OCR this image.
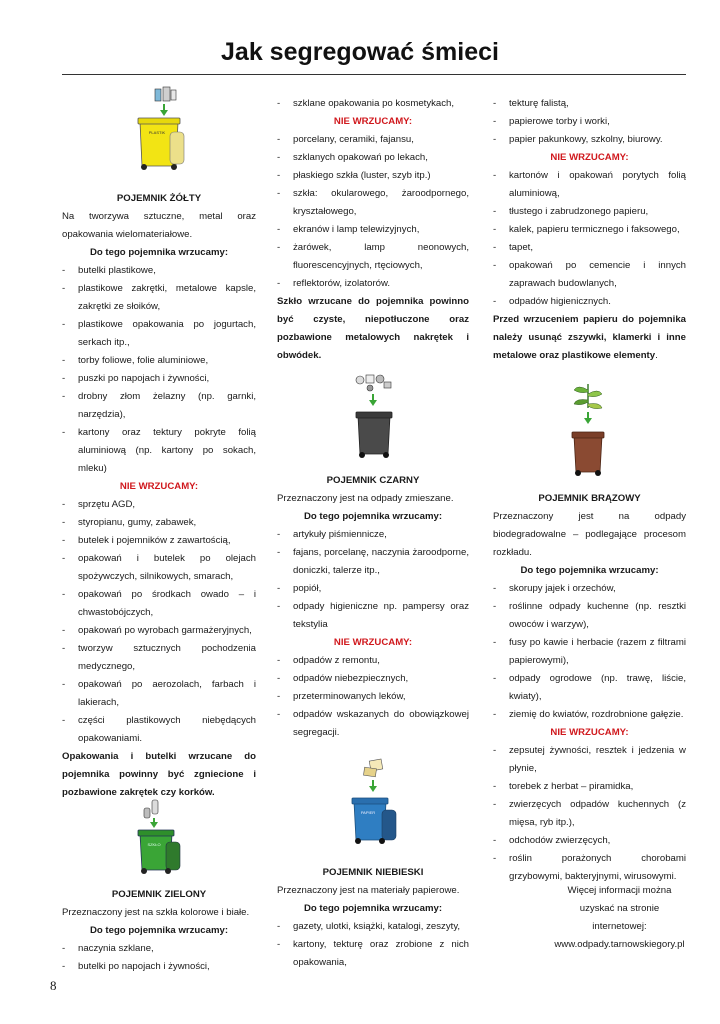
Jak segregować śmieci
PLASTIK
POJEMNIK ŻÓŁTY
Na tworzywa sztuczne, metal oraz opakowania wielomateriałowe.
Do tego pojemnika wrzucamy:
- butelki plastikowe,
- plastikowe zakrętki, metalowe kapsle, zakrętki ze słoików,
- plastikowe opakowania po jogurtach, serkach itp.,
- torby foliowe, folie aluminiowe,
- puszki po napojach i żywności,
- drobny złom żelazny (np. garnki, narzędzia),
- kartony oraz tektury pokryte folią aluminiową (np. kartony po sokach, mleku)
NIE WRZUCAMY:
- sprzętu AGD,
- styropianu, gumy, zabawek,
- butelek i pojemników z zawartością,
- opakowań i butelek po olejach spożywczych, silnikowych, smarach,
- opakowań po środkach owado – i chwastobójczych,
- opakowań po wyrobach garmażeryjnych,
- tworzyw sztucznych pochodzenia medycznego,
- opakowań po aerozolach, farbach i lakierach,
- części plastikowych niebędących opakowaniami.
Opakowania i butelki wrzucane do pojemnika powinny być zgniecione i pozbawione zakrętek czy korków.
SZKŁO
POJEMNIK ZIELONY
Przeznaczony jest na szkła kolorowe i białe.
Do tego pojemnika wrzucamy:
- naczynia szklane,
- butelki po napojach i żywności,
- szklane opakowania po kosmetykach,
NIE WRZUCAMY:
- porcelany, ceramiki, fajansu,
- szklanych opakowań po lekach,
- płaskiego szkła (luster, szyb itp.)
- szkła: okularowego, żaroodpornego, kryształowego,
- ekranów i lamp telewizyjnych,
- żarówek, lamp neonowych, fluorescencyjnych, rtęciowych,
- reflektorów, izolatorów.
Szkło wrzucane do pojemnika powinno być czyste, niepotłuczone oraz pozbawione metalowych nakrętek i obwódek.
POJEMNIK CZARNY
Przeznaczony jest na odpady zmieszane.
Do tego pojemnika wrzucamy:
- artykuły piśmiennicze,
- fajans, porcelanę, naczynia żaroodporne, doniczki, talerze itp.,
- popiół,
- odpady higieniczne np. pampersy oraz tekstylia
NIE WRZUCAMY:
- odpadów z remontu,
- odpadów niebezpiecznych,
- przeterminowanych leków,
- odpadów wskazanych do obowiązkowej segregacji.
PAPIER
POJEMNIK NIEBIESKI
Przeznaczony jest na materiały papierowe.
Do tego pojemnika wrzucamy:
- gazety, ulotki, książki, katalogi, zeszyty,
- kartony, tekturę oraz zrobione z nich opakowania,
- tekturę falistą,
- papierowe torby i worki,
- papier pakunkowy, szkolny, biurowy.
NIE WRZUCAMY:
- kartonów i opakowań porytych folią aluminiową,
- tłustego i zabrudzonego papieru,
- kalek, papieru termicznego i faksowego,
- tapet,
- opakowań po cemencie i innych zaprawach budowlanych,
- odpadów higienicznych.
Przed wrzuceniem papieru do pojemnika należy usunąć zszywki, klamerki i inne metalowe oraz plastikowe elementy.
POJEMNIK BRĄZOWY
Przeznaczony jest na odpady biodegradowalne – podlegające procesom rozkładu.
Do tego pojemnika wrzucamy:
- skorupy jajek i orzechów,
- roślinne odpady kuchenne (np. resztki owoców i warzyw),
- fusy po kawie i herbacie (razem z filtrami papierowymi),
- odpady ogrodowe (np. trawę, liście, kwiaty),
- ziemię do kwiatów, rozdrobnione gałęzie.
NIE WRZUCAMY:
- zepsutej żywności, resztek i jedzenia w płynie,
- torebek z herbat – piramidka,
- zwierzęcych odpadów kuchennych (z mięsa, ryb itp.),
- odchodów zwierzęcych,
- roślin porażonych chorobami grzybowymi, bakteryjnymi, wirusowymi.
Więcej informacji można
uzyskać na stronie internetowej:
www.odpady.tarnowskiegory.pl
8
